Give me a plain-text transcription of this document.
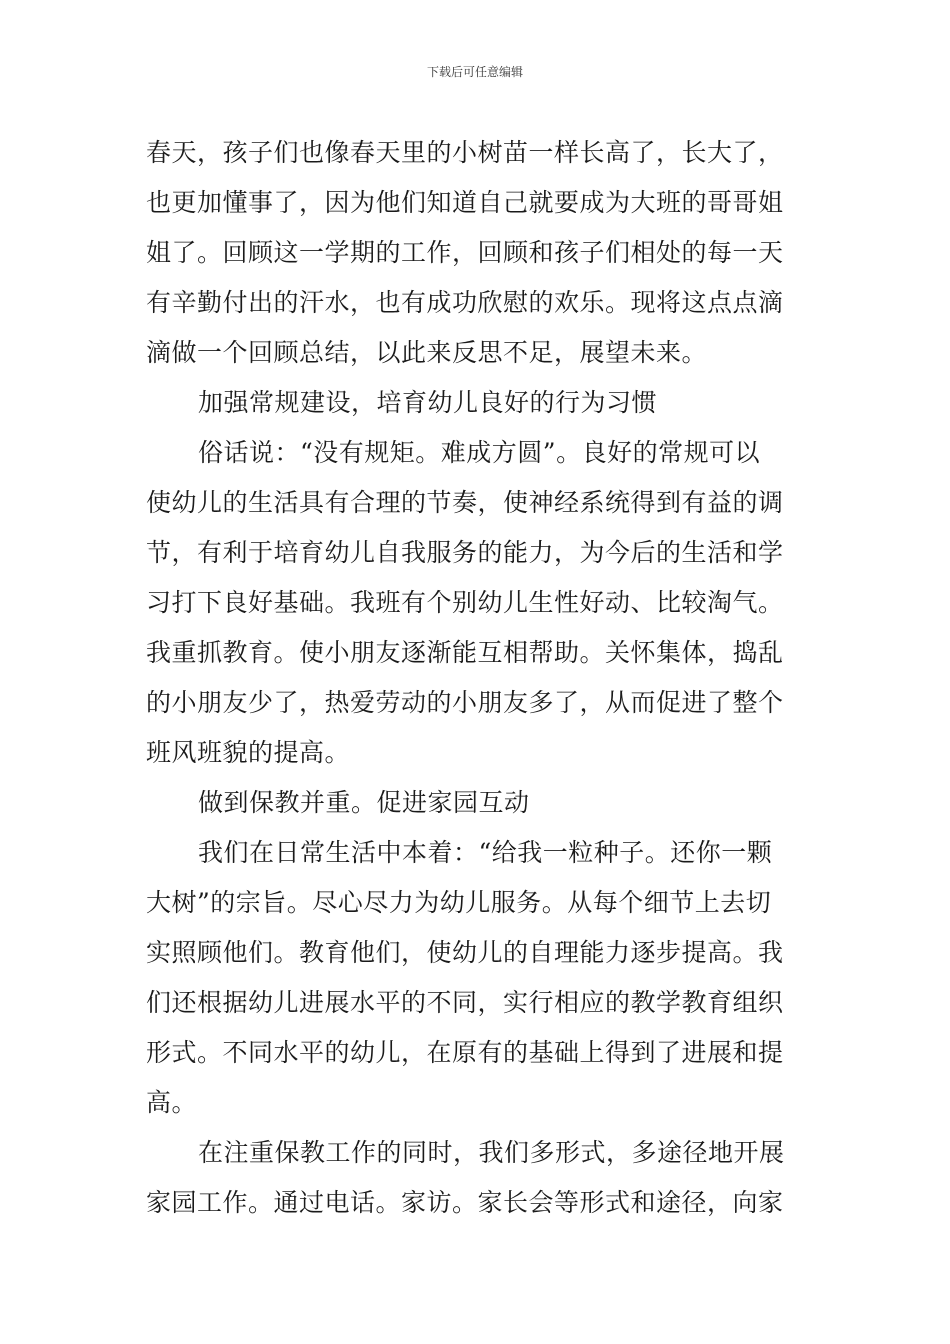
下载后可任意编辑
春天，孩子们也像春天里的小树苗一样长高了，长大了，
也更加懂事了，因为他们知道自己就要成为大班的哥哥姐
姐了。回顾这一学期的工作，回顾和孩子们相处的每一天
有辛勤付出的汗水，也有成功欣慰的欢乐。现将这点点滴
滴做一个回顾总结，以此来反思不足，展望未来。
加强常规建设，培育幼儿良好的行为习惯
俗话说：“没有规矩。难成方圆”。良好的常规可以
使幼儿的生活具有合理的节奏，使神经系统得到有益的调
节，有利于培育幼儿自我服务的能力，为今后的生活和学
习打下良好基础。我班有个别幼儿生性好动、比较淘气。
我重抓教育。使小朋友逐渐能互相帮助。关怀集体，捣乱
的小朋友少了，热爱劳动的小朋友多了，从而促进了整个
班风班貌的提高。
做到保教并重。促进家园互动
我们在日常生活中本着：“给我一粒种子。还你一颗
大树”的宗旨。尽心尽力为幼儿服务。从每个细节上去切
实照顾他们。教育他们，使幼儿的自理能力逐步提高。我
们还根据幼儿进展水平的不同，实行相应的教学教育组织
形式。不同水平的幼儿，在原有的基础上得到了进展和提
高。
在注重保教工作的同时，我们多形式，多途径地开展
家园工作。通过电话。家访。家长会等形式和途径，向家
